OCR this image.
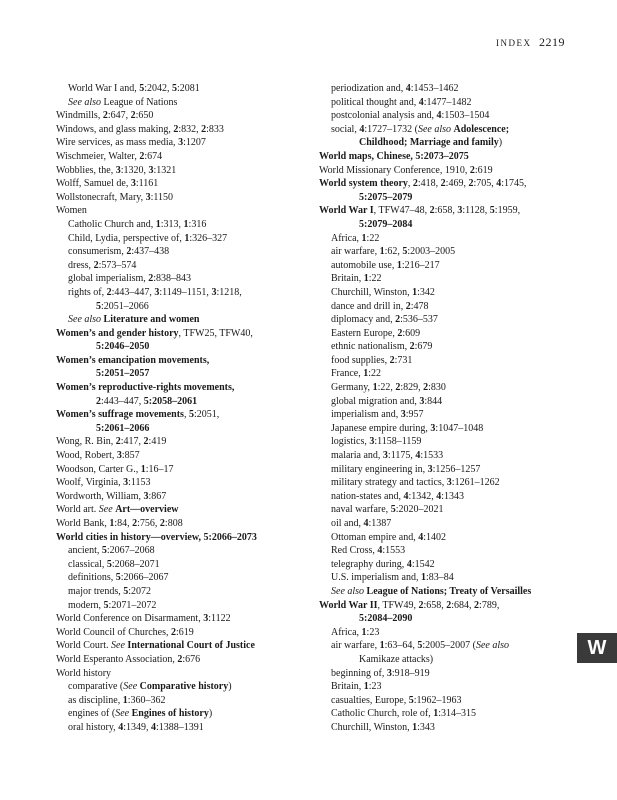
INDEX 2219
World War I and, 5:2042, 5:2081
See also League of Nations
Windmills, 2:647, 2:650
Windows, and glass making, 2:832, 2:833
Wire services, as mass media, 3:1207
Wischmeier, Walter, 2:674
Wobblies, the, 3:1320, 3:1321
Wolff, Samuel de, 3:1161
Wollstonecraft, Mary, 3:1150
Women
Catholic Church and, 1:313, 1:316
Child, Lydia, perspective of, 1:326–327
consumerism, 2:437–438
dress, 2:573–574
global imperialism, 2:838–843
rights of, 2:443–447, 3:1149–1151, 3:1218,
5:2051–2066
See also Literature and women
Women’s and gender history, TFW25, TFW40,
5:2046–2050
Women’s emancipation movements,
5:2051–2057
Women’s reproductive-rights movements,
2:443–447, 5:2058–2061
Women’s suffrage movements, 5:2051,
5:2061–2066
Wong, R. Bin, 2:417, 2:419
Wood, Robert, 3:857
Woodson, Carter G., 1:16–17
Woolf, Virginia, 3:1153
Wordworth, William, 3:867
World art. See Art—overview
World Bank, 1:84, 2:756, 2:808
World cities in history—overview, 5:2066–2073
ancient, 5:2067–2068
classical, 5:2068–2071
definitions, 5:2066–2067
major trends, 5:2072
modern, 5:2071–2072
World Conference on Disarmament, 3:1122
World Council of Churches, 2:619
World Court. See International Court of Justice
World Esperanto Association, 2:676
World history
comparative (See Comparative history)
as discipline, 1:360–362
engines of (See Engines of history)
oral history, 4:1349, 4:1388–1391
periodization and, 4:1453–1462
political thought and, 4:1477–1482
postcolonial analysis and, 4:1503–1504
social, 4:1727–1732 (See also Adolescence;
Childhood; Marriage and family)
World maps, Chinese, 5:2073–2075
World Missionary Conference, 1910, 2:619
World system theory, 2:418, 2:469, 2:705, 4:1745,
5:2075–2079
World War I, TFW47–48, 2:658, 3:1128, 5:1959,
5:2079–2084
Africa, 1:22
air warfare, 1:62, 5:2003–2005
automobile use, 1:216–217
Britain, 1:22
Churchill, Winston, 1:342
dance and drill in, 2:478
diplomacy and, 2:536–537
Eastern Europe, 2:609
ethnic nationalism, 2:679
food supplies, 2:731
France, 1:22
Germany, 1:22, 2:829, 2:830
global migration and, 3:844
imperialism and, 3:957
Japanese empire during, 3:1047–1048
logistics, 3:1158–1159
malaria and, 3:1175, 4:1533
military engineering in, 3:1256–1257
military strategy and tactics, 3:1261–1262
nation-states and, 4:1342, 4:1343
naval warfare, 5:2020–2021
oil and, 4:1387
Ottoman empire and, 4:1402
Red Cross, 4:1553
telegraphy during, 4:1542
U.S. imperialism and, 1:83–84
See also League of Nations; Treaty of Versailles
World War II, TFW49, 2:658, 2:684, 2:789,
5:2084–2090
Africa, 1:23
air warfare, 1:63–64, 5:2005–2007 (See also
Kamikaze attacks)
beginning of, 3:918–919
Britain, 1:23
casualties, Europe, 5:1962–1963
Catholic Church, role of, 1:314–315
Churchill, Winston, 1:343
W
